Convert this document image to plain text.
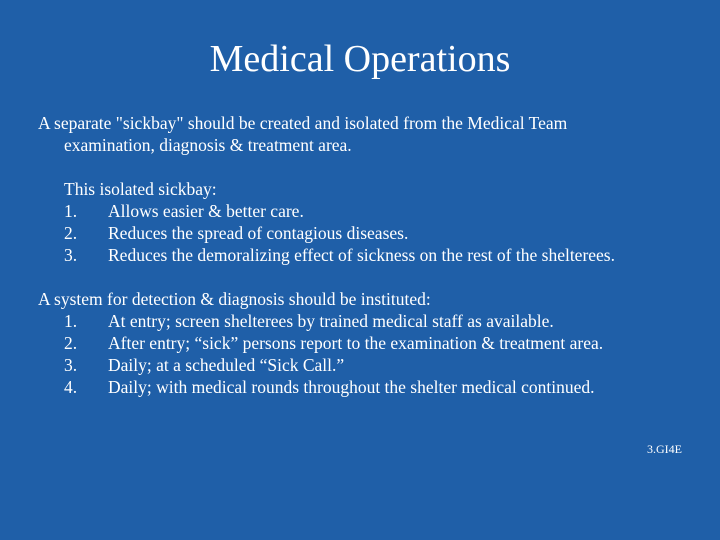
Medical Operations
A separate "sickbay" should be created and isolated from the Medical Team
examination, diagnosis & treatment area.
This isolated sickbay:
1.	Allows easier & better care.
2.	Reduces the spread of contagious diseases.
3.	Reduces the demoralizing effect of sickness on the rest of the shelterees.
A system for detection & diagnosis should be instituted:
1.	At entry; screen shelterees by trained medical staff as available.
2.	After entry; “sick” persons report to the examination & treatment area.
3.	Daily; at a scheduled “Sick Call.”
4.	Daily; with medical rounds throughout the shelter medical continued.
3.GI4E
